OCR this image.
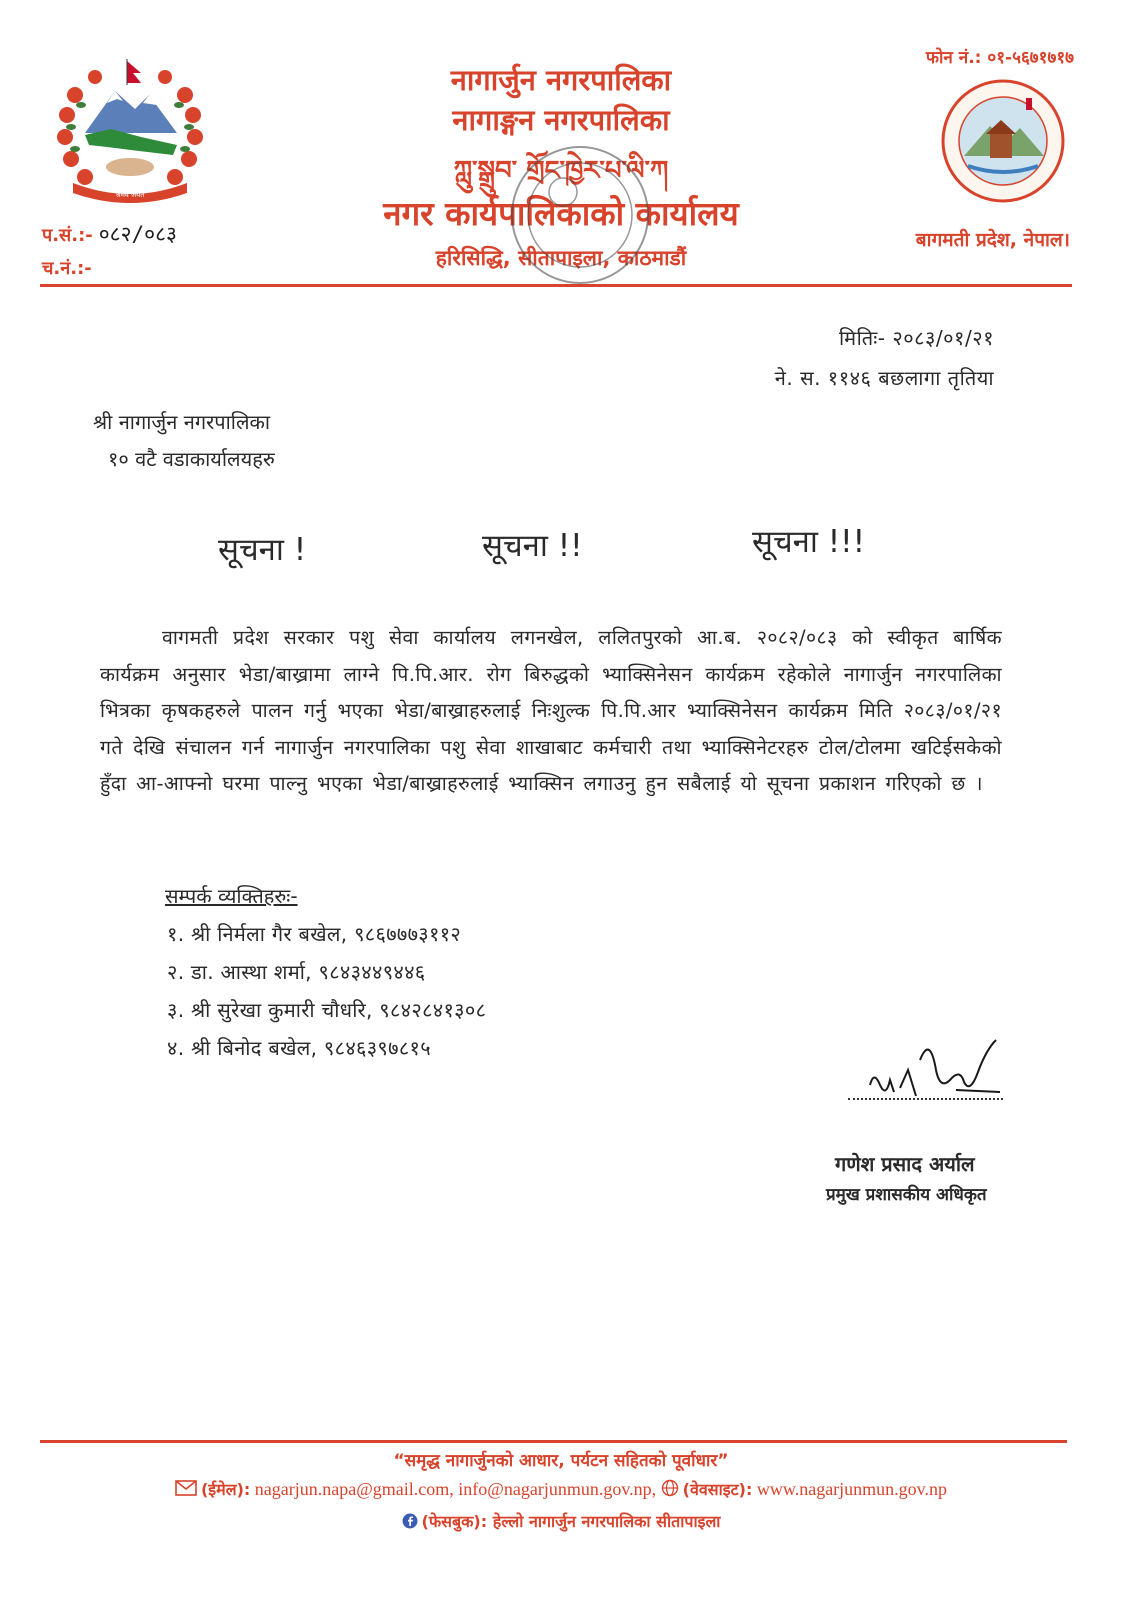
श्रमेव जयते
नागार्जुन नगरपालिका
नागाङ्गन नगरपालिका
ཀླུ་སྒྲུབ་ གྲོང་ཁྱེར་པ་ལི་ཀ
नगर कार्यपालिकाको कार्यालय
हरिसिद्धि, सीतापाइला, काठमाडौं
फोन नं.: ०१-५६७१७१७
बागमती प्रदेश, नेपाल।
प.सं.:- ०८२/०८३
च.नं.:-
मितिः- २०८३/०१/२१
ने. स. ११४६ बछलागा तृतिया
श्री नागार्जुन नगरपालिका
१० वटै वडाकार्यालयहरु
सूचना !	सूचना !!	सूचना !!!
वागमती प्रदेश सरकार पशु सेवा कार्यालय लगनखेल, ललितपुरको आ.ब. २०८२/०८३ को स्वीकृत बार्षिक कार्यक्रम अनुसार भेडा/बाख्रामा लाग्ने पि.पि.आर. रोग बिरुद्धको भ्याक्सिनेसन कार्यक्रम रहेकोले नागार्जुन नगरपालिका भित्रका कृषकहरुले पालन गर्नु भएका भेडा/बाख्राहरुलाई निःशुल्क पि.पि.आर भ्याक्सिनेसन कार्यक्रम मिति २०८३/०१/२१ गते देखि संचालन गर्न नागार्जुन नगरपालिका पशु सेवा शाखाबाट कर्मचारी तथा भ्याक्सिनेटरहरु टोल/टोलमा खटिईसकेको हुँदा आ-आफ्नो घरमा पाल्नु भएका भेडा/बाख्राहरुलाई भ्याक्सिन लगाउनु हुन सबैलाई यो सूचना प्रकाशन गरिएको छ ।
सम्पर्क व्यक्तिहरुः-
१. श्री निर्मला गैर बखेल, ९८६७७७३११२
२. डा. आस्था शर्मा, ९८४३४४९४४६
३. श्री सुरेखा कुमारी चौधरि, ९८४२८४१३०८
४. श्री बिनोद बखेल, ९८४६३९७८१५
गणेश प्रसाद अर्याल
प्रमुख प्रशासकीय अधिकृत
“समृद्ध नागार्जुनको आधार, पर्यटन सहितको पूर्वाधार”
(ईमेल): nagarjun.napa@gmail.com, info@nagarjunmun.gov.np, (वेवसाइट): www.nagarjunmun.gov.np
(फेसबुक): हेल्लो नागार्जुन नगरपालिका सीतापाइला
